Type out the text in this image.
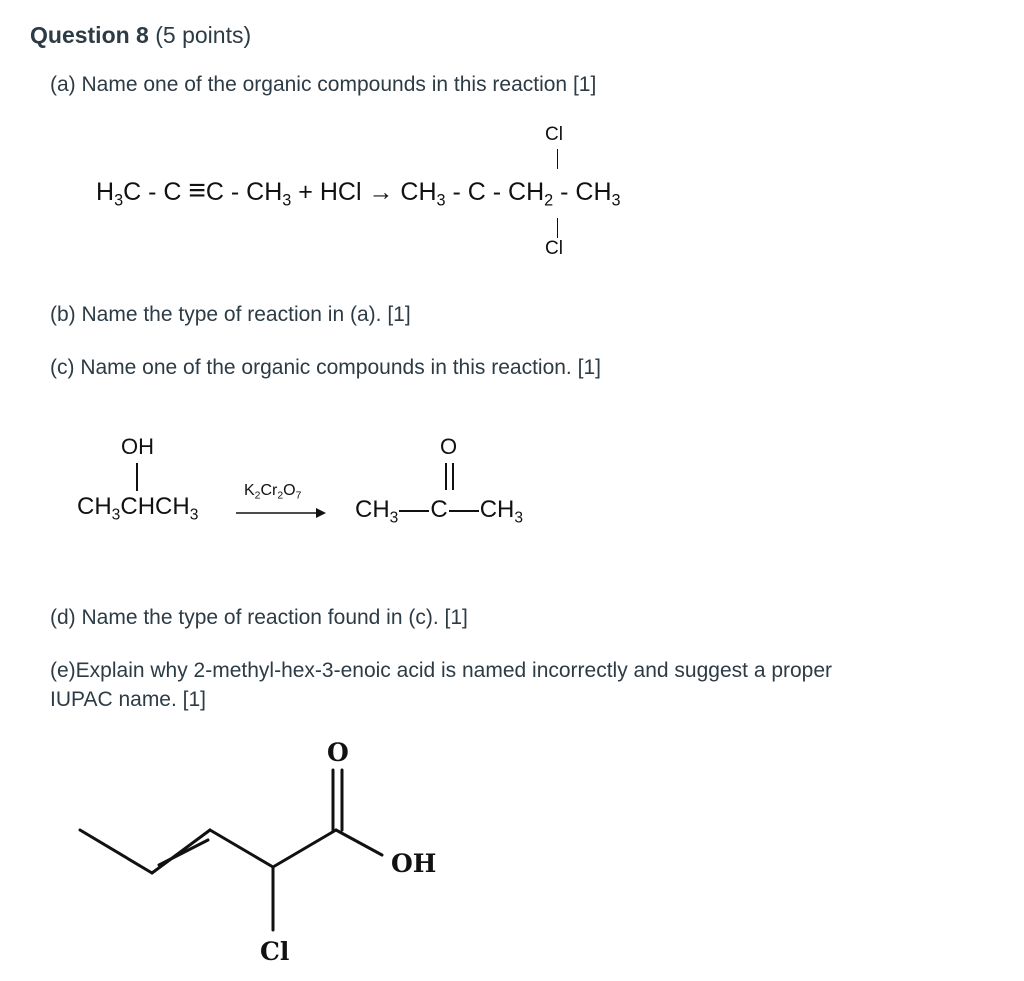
Question 8 (5 points)
(a) Name one of the organic compounds in this reaction [1]
$H_3C - C \equiv C - CH_3$ + HCl → $CH_3$ - C - $CH_2 - CH_3$
Cl
Cl
(b) Name the type of reaction in (a). [1]
(c) Name one of the organic compounds in this reaction. [1]
OH
$CH_3CHCH_3$
$K_2Cr_2O_7$
O
$CH_3$ C $CH_3$
(d) Name the type of reaction found in (c). [1]
(e)Explain why 2-methyl-hex-3-enoic acid is named incorrectly and suggest a proper
IUPAC name. [1]
O
OH
Cl
